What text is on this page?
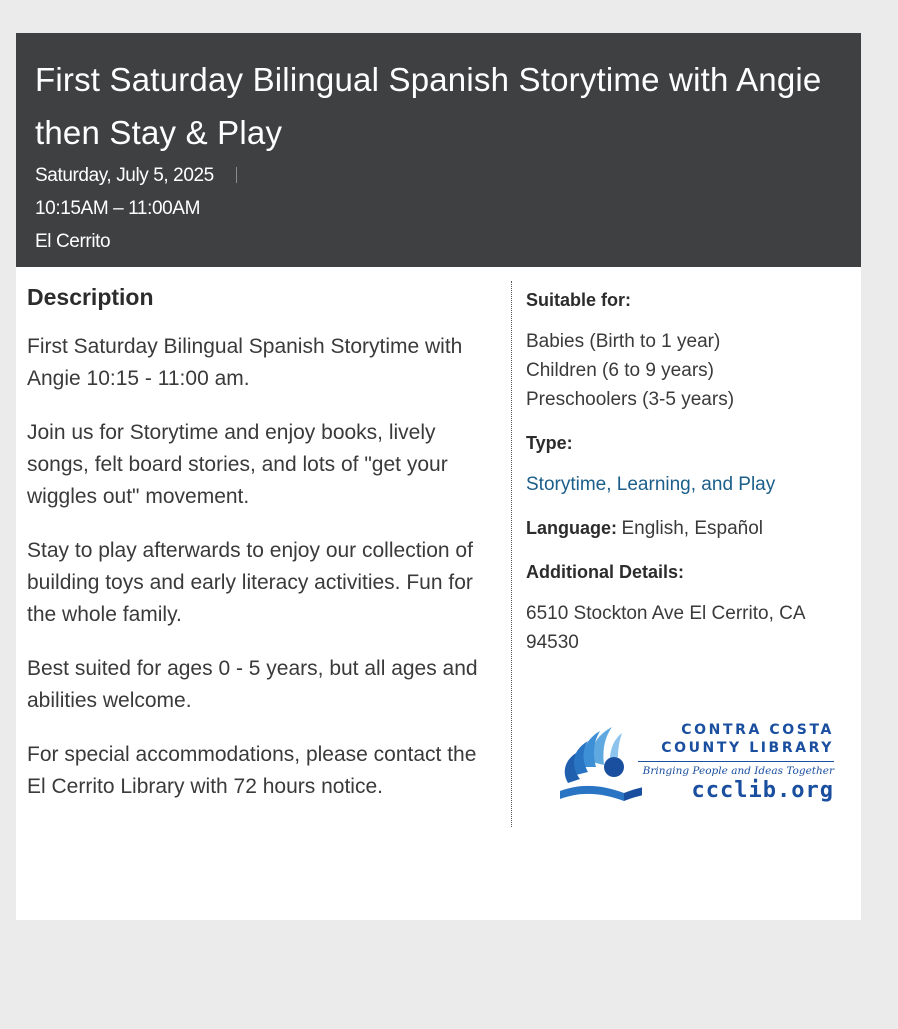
First Saturday Bilingual Spanish Storytime with Angie then Stay & Play
Saturday, July 5, 2025
10:15AM – 11:00AM
El Cerrito
Description

First Saturday Bilingual Spanish Storytime with Angie 10:15 - 11:00 am.

Join us for Storytime and enjoy books, lively songs, felt board stories, and lots of "get your wiggles out" movement.

Stay to play afterwards to enjoy our collection of building toys and early literacy activities. Fun for the whole family.

Best suited for ages 0 - 5 years, but all ages and abilities welcome.

For special accommodations, please contact the El Cerrito Library with 72 hours notice.

Suitable for:
Babies (Birth to 1 year)
Children (6 to 9 years)
Preschoolers (3-5 years)
Type:
Storytime, Learning, and Play
Language: English, Español
Additional Details:
6510 Stockton Ave El Cerrito, CA 94530
CONTRA COSTA
COUNTY LIBRARY
Bringing People and Ideas Together
ccclib.org
